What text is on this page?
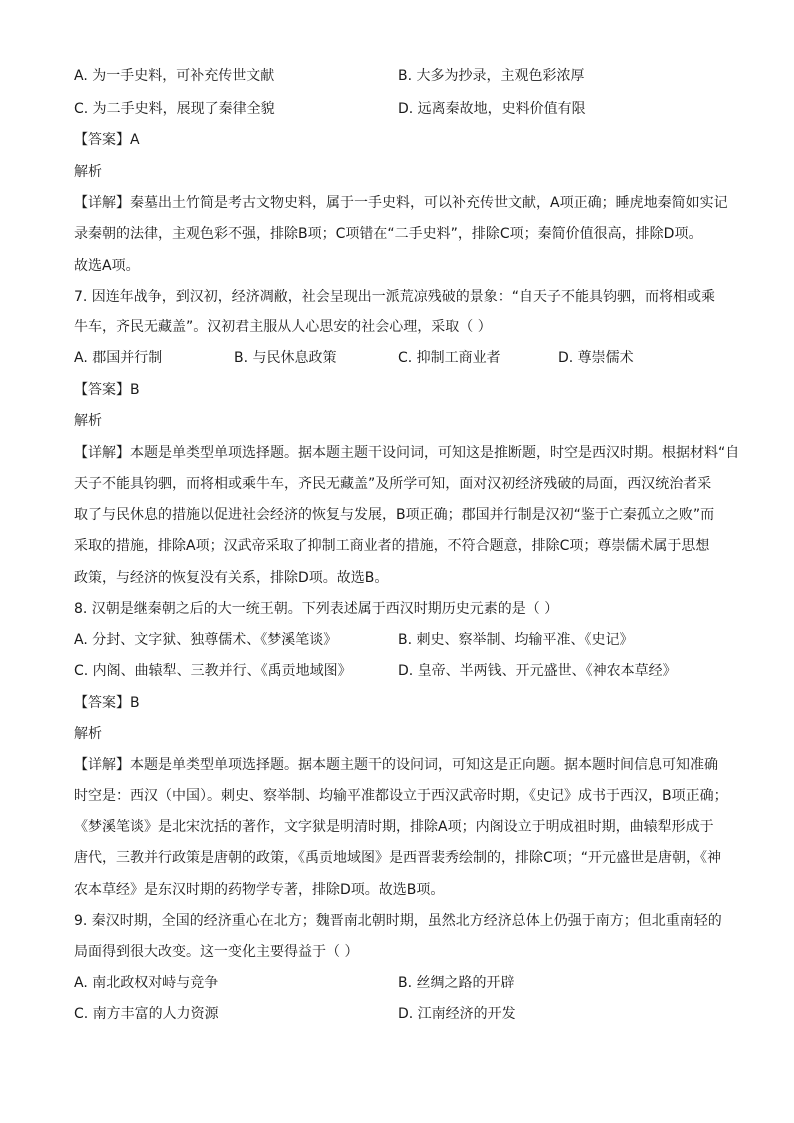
A. 为一手史料，可补充传世文献	B. 大多为抄录，主观色彩浓厚
C. 为二手史料，展现了秦律全貌	D. 远离秦故地，史料价值有限
【答案】A
解析
【详解】秦墓出土竹简是考古文物史料，属于一手史料，可以补充传世文献，A项正确；睡虎地秦简如实记
录秦朝的法律，主观色彩不强，排除B项；C项错在“二手史料”，排除C项；秦简价值很高，排除D项。
故选A项。
7. 因连年战争，到汉初，经济凋敝，社会呈现出一派荒凉残破的景象：“自天子不能具钧驷，而将相或乘
牛车，齐民无藏盖”。汉初君主服从人心思安的社会心理，采取（ ）
A. 郡国并行制	B. 与民休息政策	C. 抑制工商业者	D. 尊崇儒术
【答案】B
解析
【详解】本题是单类型单项选择题。据本题主题干设问词，可知这是推断题，时空是西汉时期。根据材料“自
天子不能具钧驷，而将相或乘牛车，齐民无藏盖”及所学可知，面对汉初经济残破的局面，西汉统治者采
取了与民休息的措施以促进社会经济的恢复与发展，B项正确；郡国并行制是汉初“鉴于亡秦孤立之败”而
采取的措施，排除A项；汉武帝采取了抑制工商业者的措施，不符合题意，排除C项；尊崇儒术属于思想
政策，与经济的恢复没有关系，排除D项。故选B。
8. 汉朝是继秦朝之后的大一统王朝。下列表述属于西汉时期历史元素的是（ ）
A. 分封、文字狱、独尊儒术、《梦溪笔谈》	B. 刺史、察举制、均输平准、《史记》
C. 内阁、曲辕犁、三教并行、《禹贡地域图》	D. 皇帝、半两钱、开元盛世、《神农本草经》
【答案】B
解析
【详解】本题是单类型单项选择题。据本题主题干的设问词，可知这是正向题。据本题时间信息可知准确
时空是：西汉（中国）。刺史、察举制、均输平准都设立于西汉武帝时期，《史记》成书于西汉，B项正确；
《梦溪笔谈》是北宋沈括的著作，文字狱是明清时期，排除A项；内阁设立于明成祖时期，曲辕犁形成于
唐代，三教并行政策是唐朝的政策，《禹贡地域图》是西晋裴秀绘制的，排除C项；“开元盛世是唐朝，《神
农本草经》是东汉时期的药物学专著，排除D项。故选B项。
9. 秦汉时期，全国的经济重心在北方；魏晋南北朝时期，虽然北方经济总体上仍强于南方；但北重南轻的
局面得到很大改变。这一变化主要得益于（ ）
A. 南北政权对峙与竞争	B. 丝绸之路的开辟
C. 南方丰富的人力资源	D. 江南经济的开发
